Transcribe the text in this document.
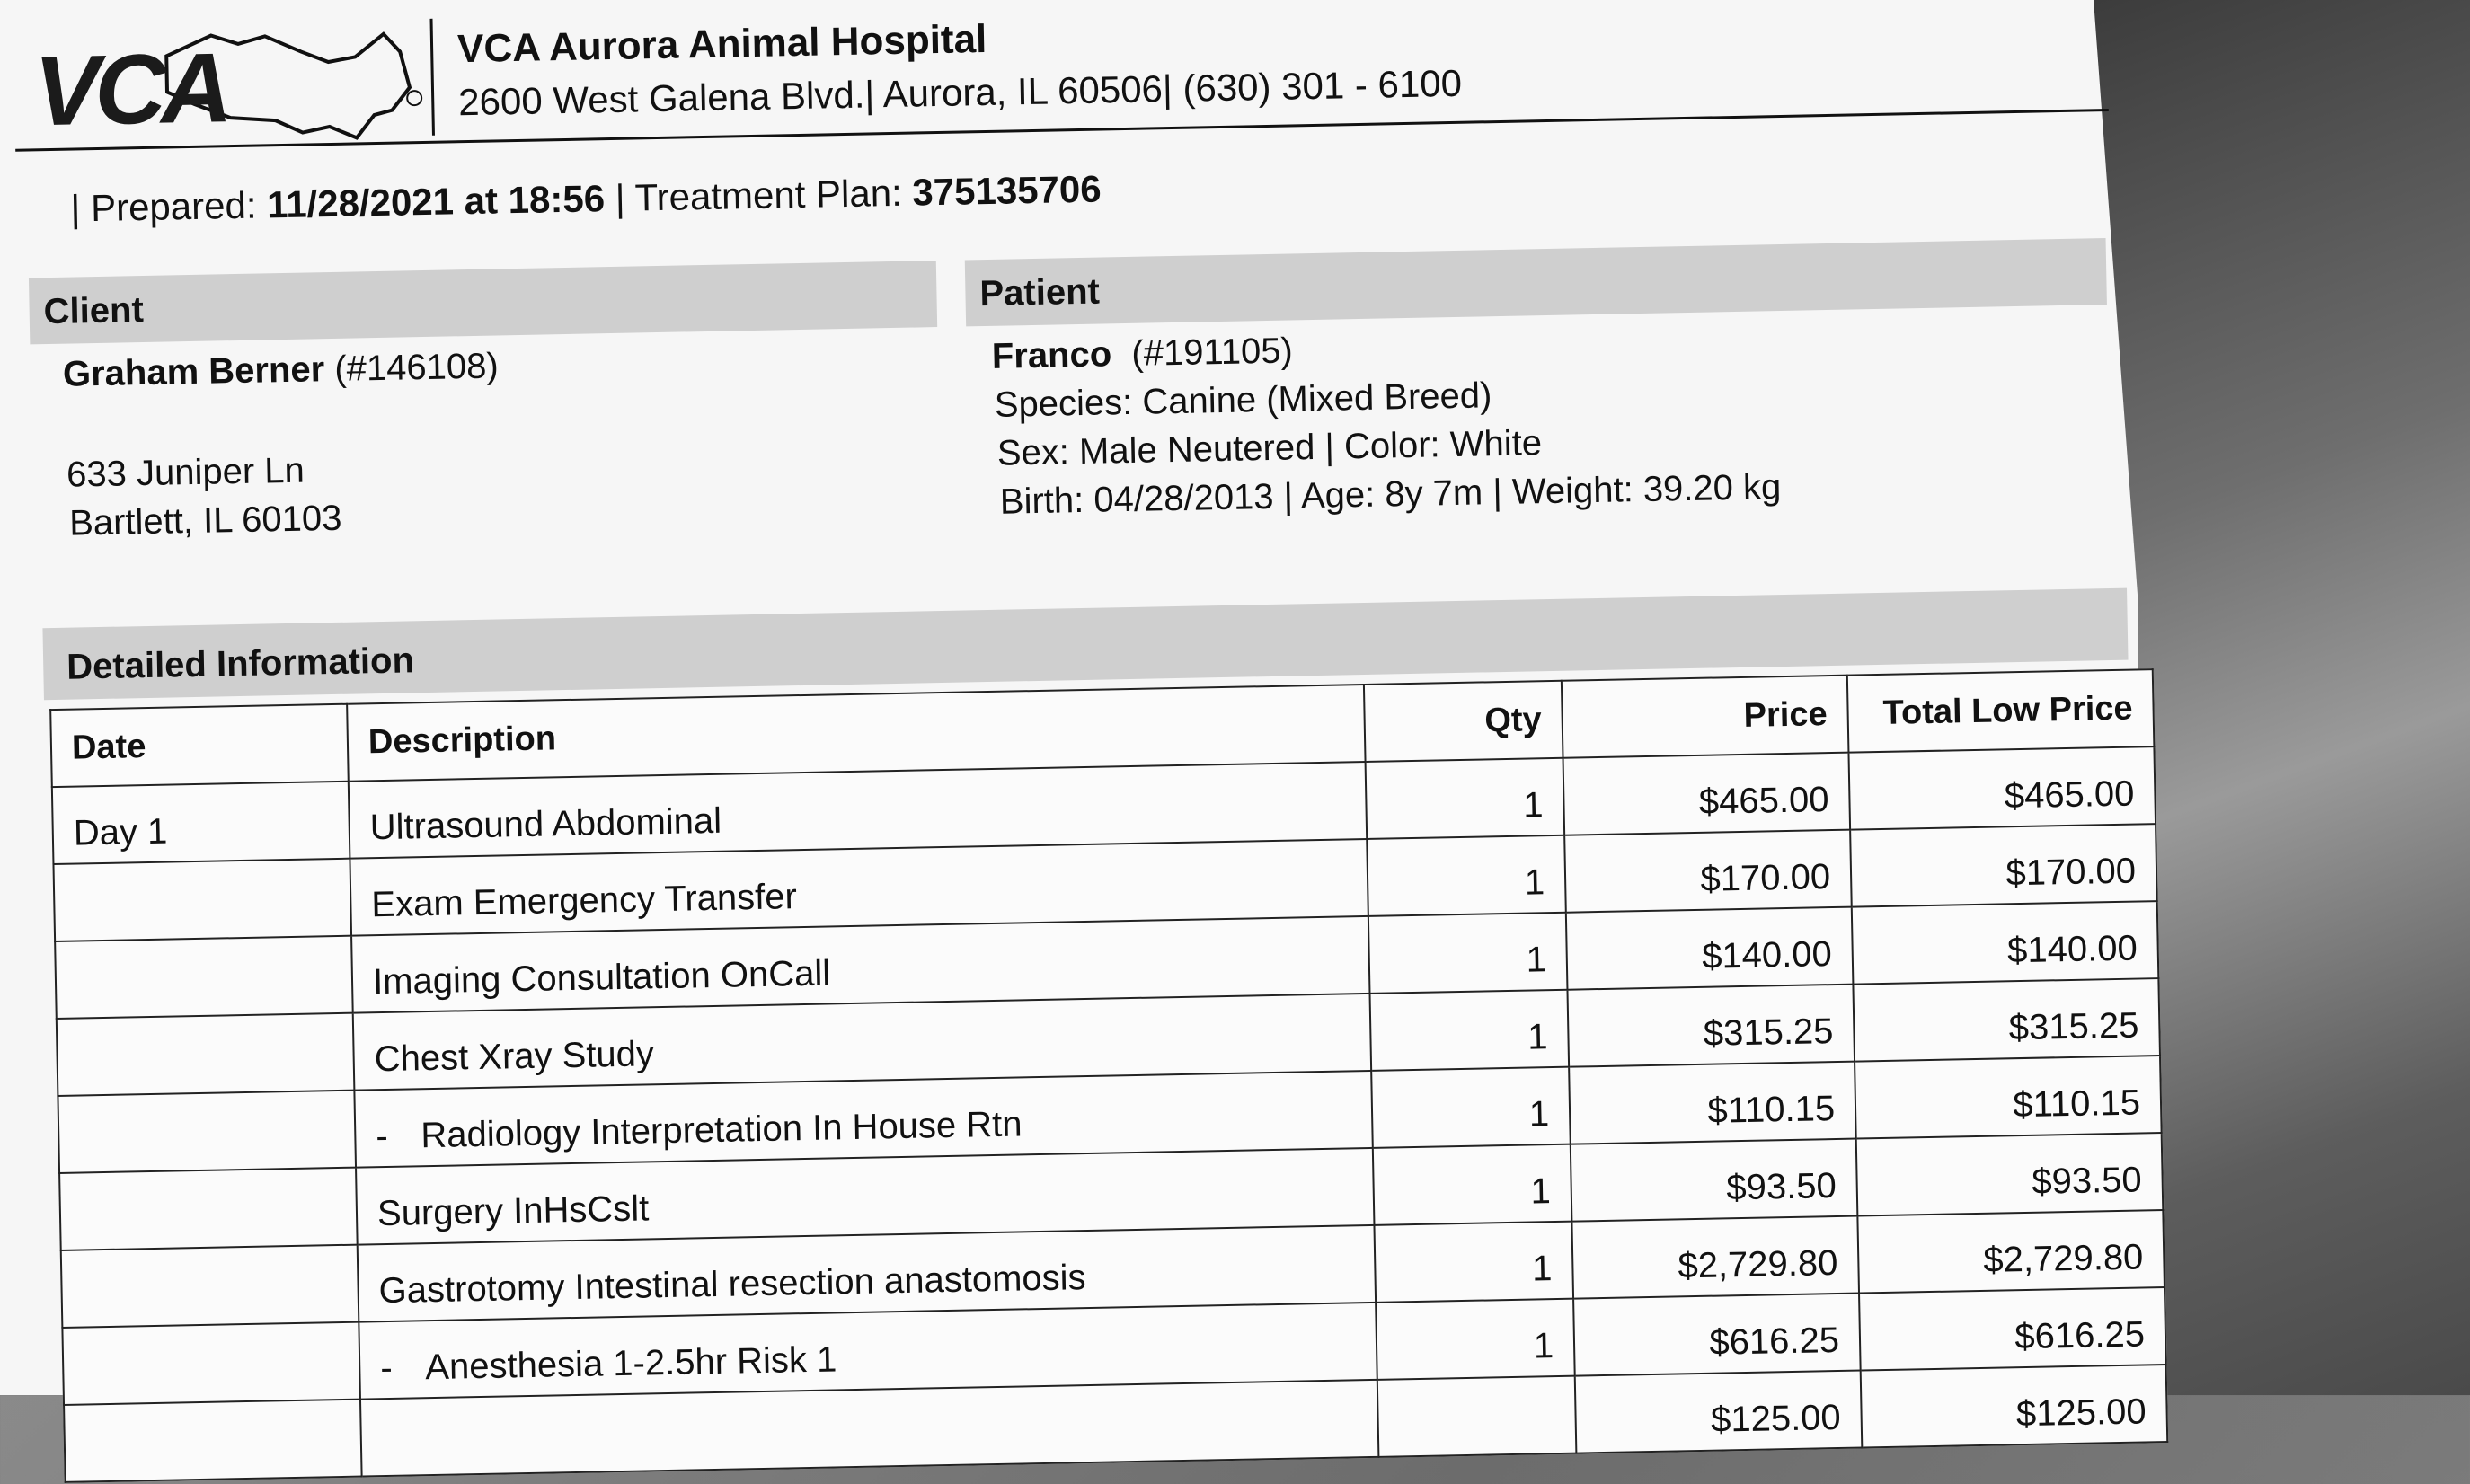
VCA	VCA Aurora Animal Hospital
2600 West Galena Blvd.| Aurora, IL 60506| (630) 301 - 6100
| Prepared: 11/28/2021 at 18:56 | Treatment Plan: 375135706
Client	Patient
Graham Berner (#146108)
633 Juniper Ln
Bartlett, IL 60103
Franco (#191105)
Species: Canine (Mixed Breed)
Sex: Male Neutered | Color: White
Birth: 04/28/2013 | Age: 8y 7m | Weight: 39.20 kg
Detailed Information
Date	Description	Qty	Price	Total Low Price
Day 1	Ultrasound Abdominal	1	$465.00	$465.00
	Exam Emergency Transfer	1	$170.00	$170.00
	Imaging Consultation OnCall	1	$140.00	$140.00
	Chest Xray Study	1	$315.25	$315.25
	- Radiology Interpretation In House Rtn	1	$110.15	$110.15
	Surgery InHsCslt	1	$93.50	$93.50
	Gastrotomy Intestinal resection anastomosis	1	$2,729.80	$2,729.80
	- Anesthesia 1-2.5hr Risk 1	1	$616.25	$616.25
			$125.00	$125.00
